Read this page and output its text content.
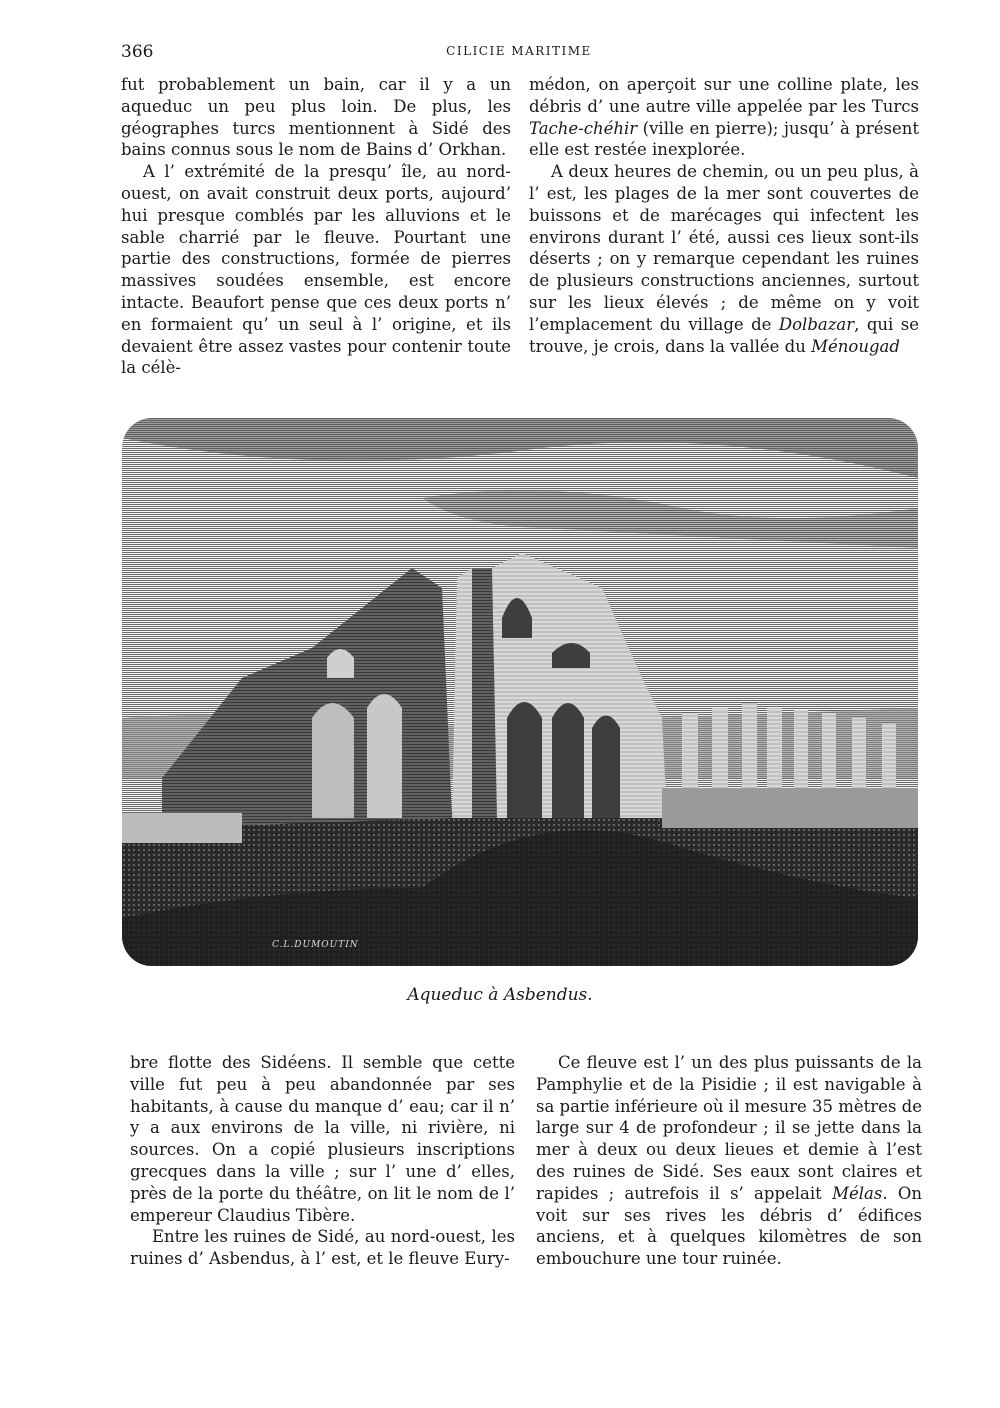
366	CILICIE MARITIME

fut probablement un bain, car il y a un aqueduc un peu plus loin. De plus, les géographes turcs mentionnent à Sidé des bains connus sous le nom de Bains d’ Orkhan.

A l’ extrémité de la presqu’ île, au nord-ouest, on avait construit deux ports, aujourd’ hui presque comblés par les alluvions et le sable charrié par le fleuve. Pourtant une partie des constructions, formée de pierres massives soudées ensemble, est encore intacte. Beaufort pense que ces deux ports n’ en formaient qu’ un seul à l’ origine, et ils devaient être assez vastes pour contenir toute la célè-

médon, on aperçoit sur une colline plate, les débris d’ une autre ville appelée par les Turcs Tache-chéhir (ville en pierre); jusqu’ à présent elle est restée inexplorée.

A deux heures de chemin, ou un peu plus, à l’ est, les plages de la mer sont couvertes de buissons et de marécages qui infectent les environs durant l’ été, aussi ces lieux sont-ils déserts ; on y remarque cependant les ruines de plusieurs constructions anciennes, surtout sur les lieux élevés ; de même on y voit l’emplacement du village de Dolbazar, qui se trouve, je crois, dans la vallée du Ménougad

C.L.DUMOUTIN
Aqueduc à Asbendus.

bre flotte des Sidéens. Il semble que cette ville fut peu à peu abandonnée par ses habitants, à cause du manque d’ eau; car il n’ y a aux environs de la ville, ni rivière, ni sources. On a copié plusieurs inscriptions grecques dans la ville ; sur l’ une d’ elles, près de la porte du théâtre, on lit le nom de l’ empereur Claudius Tibère.

Entre les ruines de Sidé, au nord-ouest, les ruines d’ Asbendus, à l’ est, et le fleuve Eury-

Ce fleuve est l’ un des plus puissants de la Pamphylie et de la Pisidie ; il est navigable à sa partie inférieure où il mesure 35 mètres de large sur 4 de profondeur ; il se jette dans la mer à deux ou deux lieues et demie à l’est des ruines de Sidé. Ses eaux sont claires et rapides ; autrefois il s’ appelait Mélas. On voit sur ses rives les débris d’ édifices anciens, et à quelques kilomètres de son embouchure une tour ruinée.
